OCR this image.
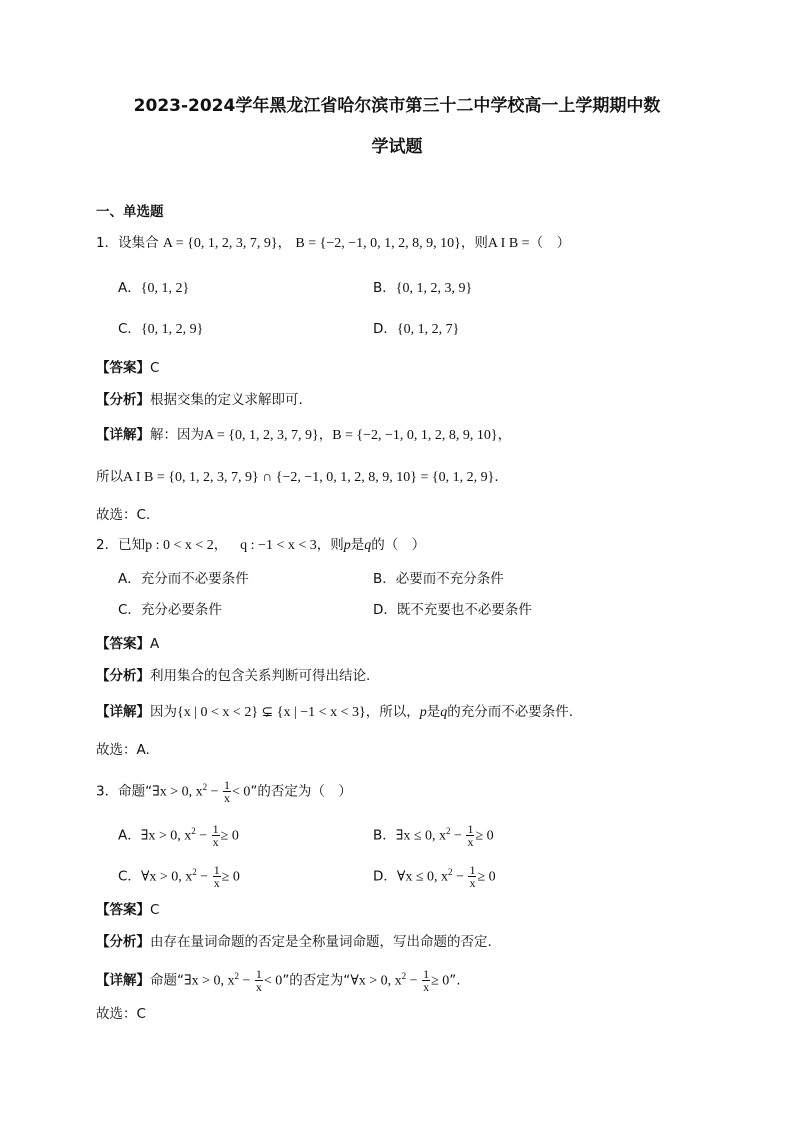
2023-2024学年黑龙江省哈尔滨市第三十二中学校高一上学期期中数
学试题
一、单选题
1．设集合 A = {0, 1, 2, 3, 7, 9}， B = {−2, −1, 0, 1, 2, 8, 9, 10}，则A I B =（　）
A．{0, 1, 2}	B．{0, 1, 2, 3, 9}
C．{0, 1, 2, 9}	D．{0, 1, 2, 7}
【答案】C
【分析】根据交集的定义求解即可.
【详解】解：因为A = {0, 1, 2, 3, 7, 9}，B = {−2, −1, 0, 1, 2, 8, 9, 10}，
所以A I B = {0, 1, 2, 3, 7, 9} ∩ {−2, −1, 0, 1, 2, 8, 9, 10} = {0, 1, 2, 9}.
故选：C.
2．已知p : 0 < x < 2，   q : −1 < x < 3，则p是q的（　）
A．充分而不必要条件	B．必要而不充分条件
C．充分必要条件	D．既不充要也不必要条件
【答案】A
【分析】利用集合的包含关系判断可得出结论.
【详解】因为{x | 0 < x < 2} ⊊ {x | −1 < x < 3}，所以，p是q的充分而不必要条件.
故选：A.
3．命题“∃x > 0, $x^2 - \frac{1}{x} < 0$”的否定为（　）
A．∃x > 0, $x^2 - \frac{1}{x} \ge 0$	B．∃x ≤ 0, $x^2 - \frac{1}{x} \ge 0$
C．∀x > 0, $x^2 - \frac{1}{x} \ge 0$	D．∀x ≤ 0, $x^2 - \frac{1}{x} \ge 0$
【答案】C
【分析】由存在量词命题的否定是全称量词命题，写出命题的否定.
【详解】命题“∃x > 0, $x^2 - \frac{1}{x} < 0$”的否定为“∀x > 0, $x^2 - \frac{1}{x} \ge 0$”.
故选：C
